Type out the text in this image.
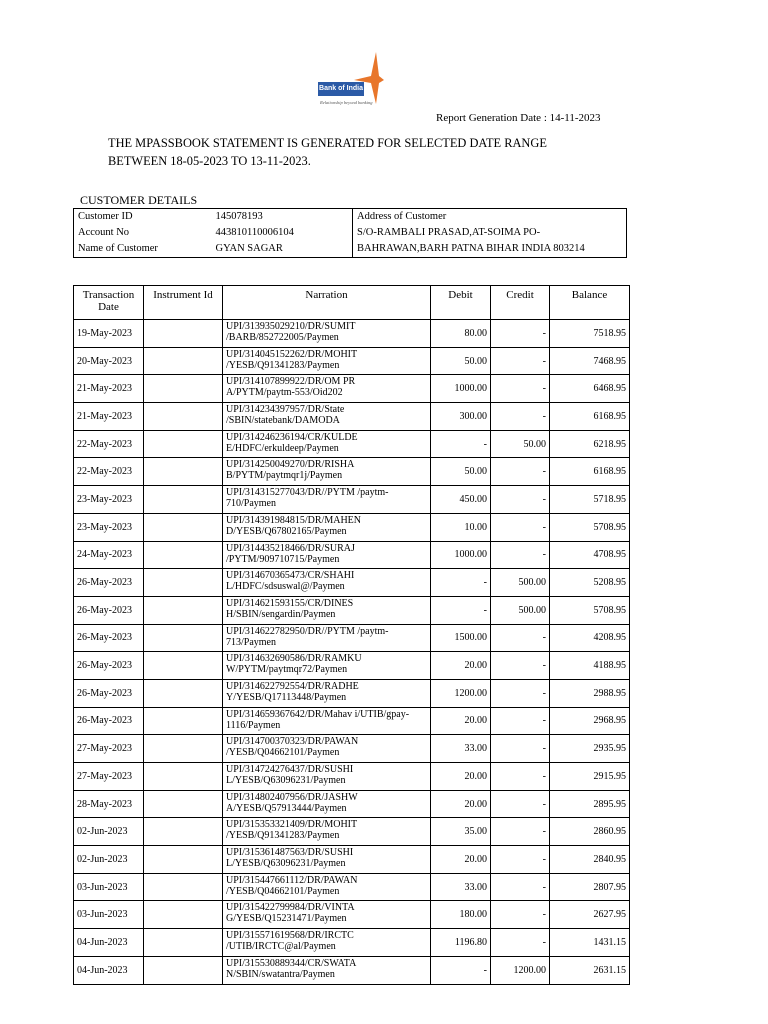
Bank of India
Relationship beyond banking
Report Generation Date : 14-11-2023

THE MPASSBOOK STATEMENT IS GENERATED FOR SELECTED DATE RANGE BETWEEN 18-05-2023 TO 13-11-2023.

CUSTOMER DETAILS
Customer ID	145078193	Address of Customer
Account No	443810110006104	S/O-RAMBALI PRASAD,AT-SOIMA PO-
Name of Customer	GYAN SAGAR	BAHRAWAN,BARH PATNA BIHAR INDIA 803214
Transaction Date	Instrument Id	Narration	Debit	Credit	Balance
19-May-2023		UPI/313935029210/DR/SUMIT
/BARB/852722005/Paymen	80.00	-	7518.95
20-May-2023		UPI/314045152262/DR/MOHIT
/YESB/Q91341283/Paymen	50.00	-	7468.95
21-May-2023		UPI/314107899922/DR/OM PR
A/PYTM/paytm-553/Oid202	1000.00	-	6468.95
21-May-2023		UPI/314234397957/DR/State
/SBIN/statebank/DAMODA	300.00	-	6168.95
22-May-2023		UPI/314246236194/CR/KULDE
E/HDFC/erkuldeep/Paymen	-	50.00	6218.95
22-May-2023		UPI/314250049270/DR/RISHA
B/PYTM/paytmqr1j/Paymen	50.00	-	6168.95
23-May-2023		UPI/314315277043/DR//PYTM /paytm-
710/Paymen	450.00	-	5718.95
23-May-2023		UPI/314391984815/DR/MAHEN
D/YESB/Q67802165/Paymen	10.00	-	5708.95
24-May-2023		UPI/314435218466/DR/SURAJ
/PYTM/909710715/Paymen	1000.00	-	4708.95
26-May-2023		UPI/314670365473/CR/SHAHI
L/HDFC/sdsuswal@/Paymen	-	500.00	5208.95
26-May-2023		UPI/314621593155/CR/DINES
H/SBIN/sengardin/Paymen	-	500.00	5708.95
26-May-2023		UPI/314622782950/DR//PYTM /paytm-
713/Paymen	1500.00	-	4208.95
26-May-2023		UPI/314632690586/DR/RAMKU
W/PYTM/paytmqr72/Paymen	20.00	-	4188.95
26-May-2023		UPI/314622792554/DR/RADHE
Y/YESB/Q17113448/Paymen	1200.00	-	2988.95
26-May-2023		UPI/314659367642/DR/Mahav i/UTIB/gpay-
1116/Paymen	20.00	-	2968.95
27-May-2023		UPI/314700370323/DR/PAWAN
/YESB/Q04662101/Paymen	33.00	-	2935.95
27-May-2023		UPI/314724276437/DR/SUSHI
L/YESB/Q63096231/Paymen	20.00	-	2915.95
28-May-2023		UPI/314802407956/DR/JASHW
A/YESB/Q57913444/Paymen	20.00	-	2895.95
02-Jun-2023		UPI/315353321409/DR/MOHIT
/YESB/Q91341283/Paymen	35.00	-	2860.95
02-Jun-2023		UPI/315361487563/DR/SUSHI
L/YESB/Q63096231/Paymen	20.00	-	2840.95
03-Jun-2023		UPI/315447661112/DR/PAWAN
/YESB/Q04662101/Paymen	33.00	-	2807.95
03-Jun-2023		UPI/315422799984/DR/VINTA
G/YESB/Q15231471/Paymen	180.00	-	2627.95
04-Jun-2023		UPI/315571619568/DR/IRCTC
/UTIB/IRCTC@al/Paymen	1196.80	-	1431.15
04-Jun-2023		UPI/315530889344/CR/SWATA
N/SBIN/swatantra/Paymen	-	1200.00	2631.15
